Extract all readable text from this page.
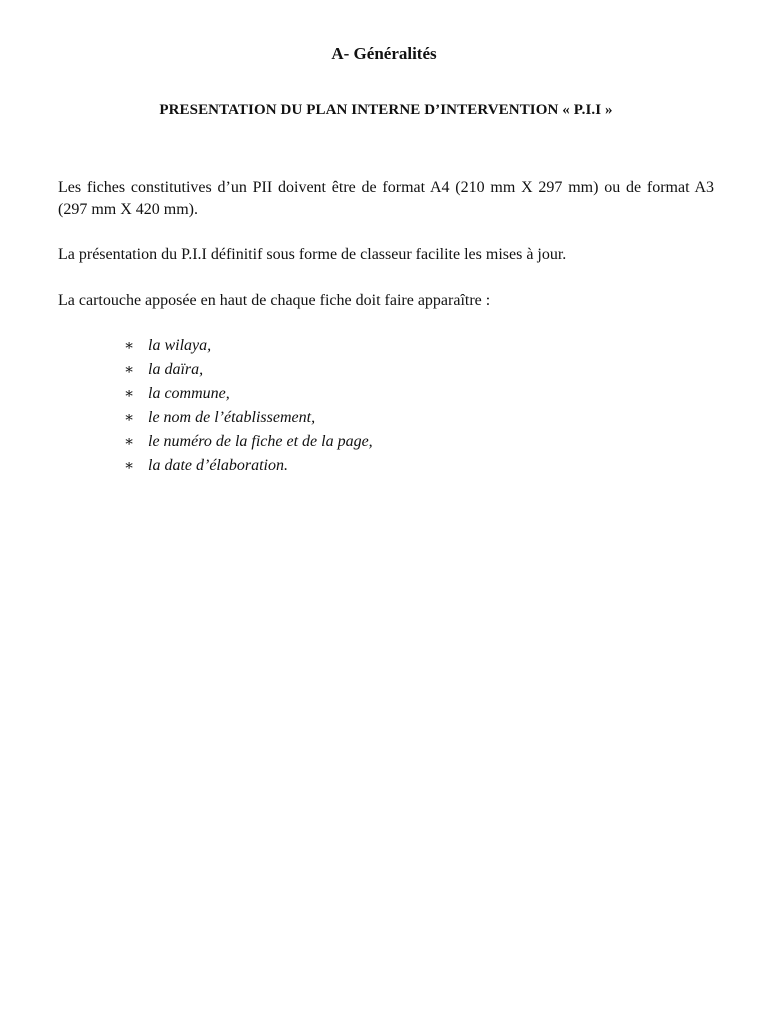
A- Généralités
PRESENTATION DU PLAN INTERNE D’INTERVENTION « P.I.I »

Les fiches constitutives d’un PII doivent être de format A4 (210 mm X 297 mm) ou de format A3 (297 mm X 420 mm).

La présentation du P.I.I définitif sous forme de classeur facilite les mises à jour.

La cartouche apposée en haut de chaque fiche doit faire apparaître :

∗ la wilaya,
∗ la daïra,
∗ la commune,
∗ le nom de l’établissement,
∗ le numéro de la fiche et de la page,
∗ la date d’élaboration.
